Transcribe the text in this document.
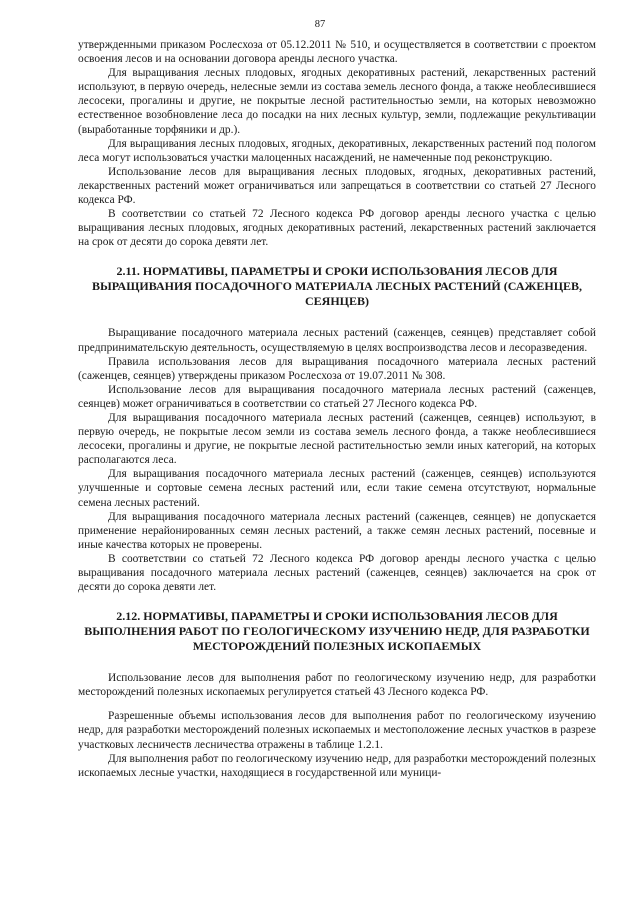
87

утвержденными приказом Рослесхоза от 05.12.2011 № 510, и осуществляется в соответствии с проектом освоения лесов и на основании договора аренды лесного участка.

Для выращивания лесных плодовых, ягодных декоративных растений, лекарственных растений используют, в первую очередь, нелесные земли из состава земель лесного фонда, а также необлесившиеся лесосеки, прогалины и другие, не покрытые лесной растительностью земли, на которых невозможно естественное возобновление леса до посадки на них лесных культур, земли, подлежащие рекультивации (выработанные торфяники и др.).

Для выращивания лесных плодовых, ягодных, декоративных, лекарственных растений под пологом леса могут использоваться участки малоценных насаждений, не намеченные под реконструкцию.

Использование лесов для выращивания лесных плодовых, ягодных, декоративных растений, лекарственных растений может ограничиваться или запрещаться в соответствии со статьей 27 Лесного кодекса РФ.

В соответствии со статьей 72 Лесного кодекса РФ договор аренды лесного участка с целью выращивания лесных плодовых, ягодных декоративных растений, лекарственных растений заключается на срок от десяти до сорока девяти лет.

2.11. НОРМАТИВЫ, ПАРАМЕТРЫ И СРОКИ ИСПОЛЬЗОВАНИЯ ЛЕСОВ ДЛЯ ВЫРАЩИВАНИЯ ПОСАДОЧНОГО МАТЕРИАЛА ЛЕСНЫХ РАСТЕНИЙ (САЖЕНЦЕВ, СЕЯНЦЕВ)

Выращивание посадочного материала лесных растений (саженцев, сеянцев) представляет собой предпринимательскую деятельность, осуществляемую в целях воспроизводства лесов и лесоразведения.

Правила использования лесов для выращивания посадочного материала лесных растений (саженцев, сеянцев) утверждены приказом Рослесхоза от 19.07.2011 № 308.

Использование лесов для выращивания посадочного материала лесных растений (саженцев, сеянцев) может ограничиваться в соответствии со статьей 27 Лесного кодекса РФ.

Для выращивания посадочного материала лесных растений (саженцев, сеянцев) используют, в первую очередь, не покрытые лесом земли из состава земель лесного фонда, а также необлесившиеся лесосеки, прогалины и другие, не покрытые лесной растительностью земли иных категорий, на которых располагаются леса.

Для выращивания посадочного материала лесных растений (саженцев, сеянцев) используются улучшенные и сортовые семена лесных растений или, если такие семена отсутствуют, нормальные семена лесных растений.

Для выращивания посадочного материала лесных растений (саженцев, сеянцев) не допускается применение нерайонированных семян лесных растений, а также семян лесных растений, посевные и иные качества которых не проверены.

В соответствии со статьей 72 Лесного кодекса РФ договор аренды лесного участка с целью выращивания посадочного материала лесных растений (саженцев, сеянцев) заключается на срок от десяти до сорока девяти лет.

2.12. НОРМАТИВЫ, ПАРАМЕТРЫ И СРОКИ ИСПОЛЬЗОВАНИЯ ЛЕСОВ ДЛЯ ВЫПОЛНЕНИЯ РАБОТ ПО ГЕОЛОГИЧЕСКОМУ ИЗУЧЕНИЮ НЕДР, ДЛЯ РАЗРАБОТКИ МЕСТОРОЖДЕНИЙ ПОЛЕЗНЫХ ИСКОПАЕМЫХ

Использование лесов для выполнения работ по геологическому изучению недр, для разработки месторождений полезных ископаемых регулируется статьей 43 Лесного кодекса РФ.

Разрешенные объемы использования лесов для выполнения работ по геологическому изучению недр, для разработки месторождений полезных ископаемых и местоположение лесных участков в разрезе участковых лесничеств лесничества отражены в таблице 1.2.1.

Для выполнения работ по геологическому изучению недр, для разработки месторождений полезных ископаемых лесные участки, находящиеся в государственной или муници-
